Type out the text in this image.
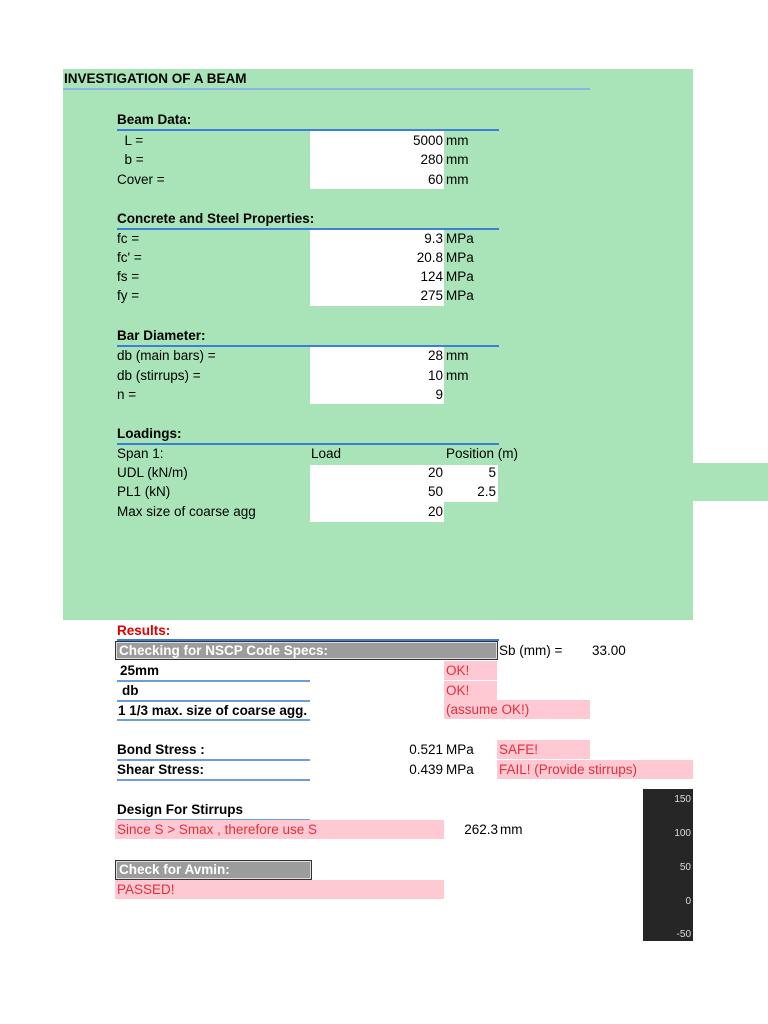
INVESTIGATION OF A BEAM
Beam Data:
L =	5000 mm
b =	280 mm
Cover =	60 mm
Concrete and Steel Properties:
fc =	9.3 MPa
fc' =	20.8 MPa
fs =	124 MPa
fy =	275 MPa
Bar Diameter:
db (main bars) =	28 mm
db (stirrups) =	10 mm
n =	9
Loadings:
Span 1:	Load	Position (m)
UDL (kN/m)	20	5
PL1 (kN)	50	2.5
Max size of coarse agg	20
Results:
Checking for NSCP Code Specs:	Sb (mm) = 33.00
25mm	OK!
db	OK!
1 1/3 max. size of coarse agg.	(assume OK!)
Bond Stress :	0.521 MPa SAFE!
Shear Stress:	0.439 MPa FAIL! (Provide stirrups)
Design For Stirrups
Since S > Smax , therefore use S	262.3 mm
Check for Avmin:
PASSED!
150
100
50
0
-50
